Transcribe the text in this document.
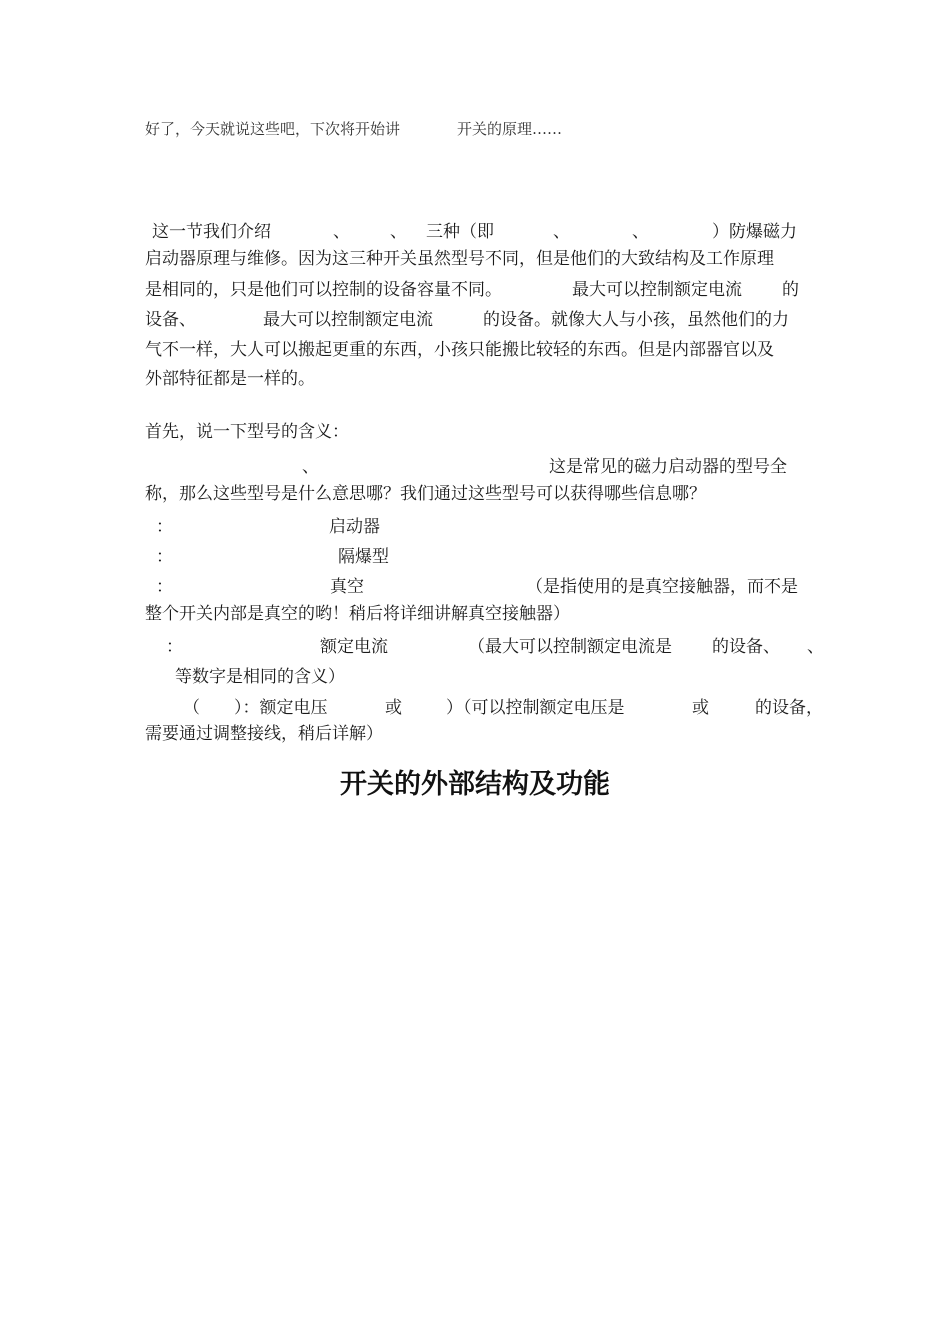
好了，今天就说这些吧，下次将开始讲	开关的原理……
这一节我们介绍	、 、 三种（即	、	、	）防爆磁力
启动器原理与维修。因为这三种开关虽然型号不同，但是他们的大致结构及工作原理
是相同的，只是他们可以控制的设备容量不同。	最大可以控制额定电流 的
设备、	最大可以控制额定电流	的设备。就像大人与小孩，虽然他们的力
气不一样，大人可以搬起更重的东西，小孩只能搬比较轻的东西。但是内部器官以及
外部特征都是一样的。
首先，说一下型号的含义：
、	这是常见的磁力启动器的型号全
称，那么这些型号是什么意思哪？我们通过这些型号可以获得哪些信息哪？
：	启动器
：	隔爆型
：	真空	（是指使用的是真空接触器，而不是
整个开关内部是真空的哟！稍后将详细讲解真空接触器）
：	额定电流	（最大可以控制额定电流是 的设备、 、
等数字是相同的含义）
（　　）：额定电压	或	）（可以控制额定电压是	或	的设备，
需要通过调整接线，稍后详解）
开关的外部结构及功能
